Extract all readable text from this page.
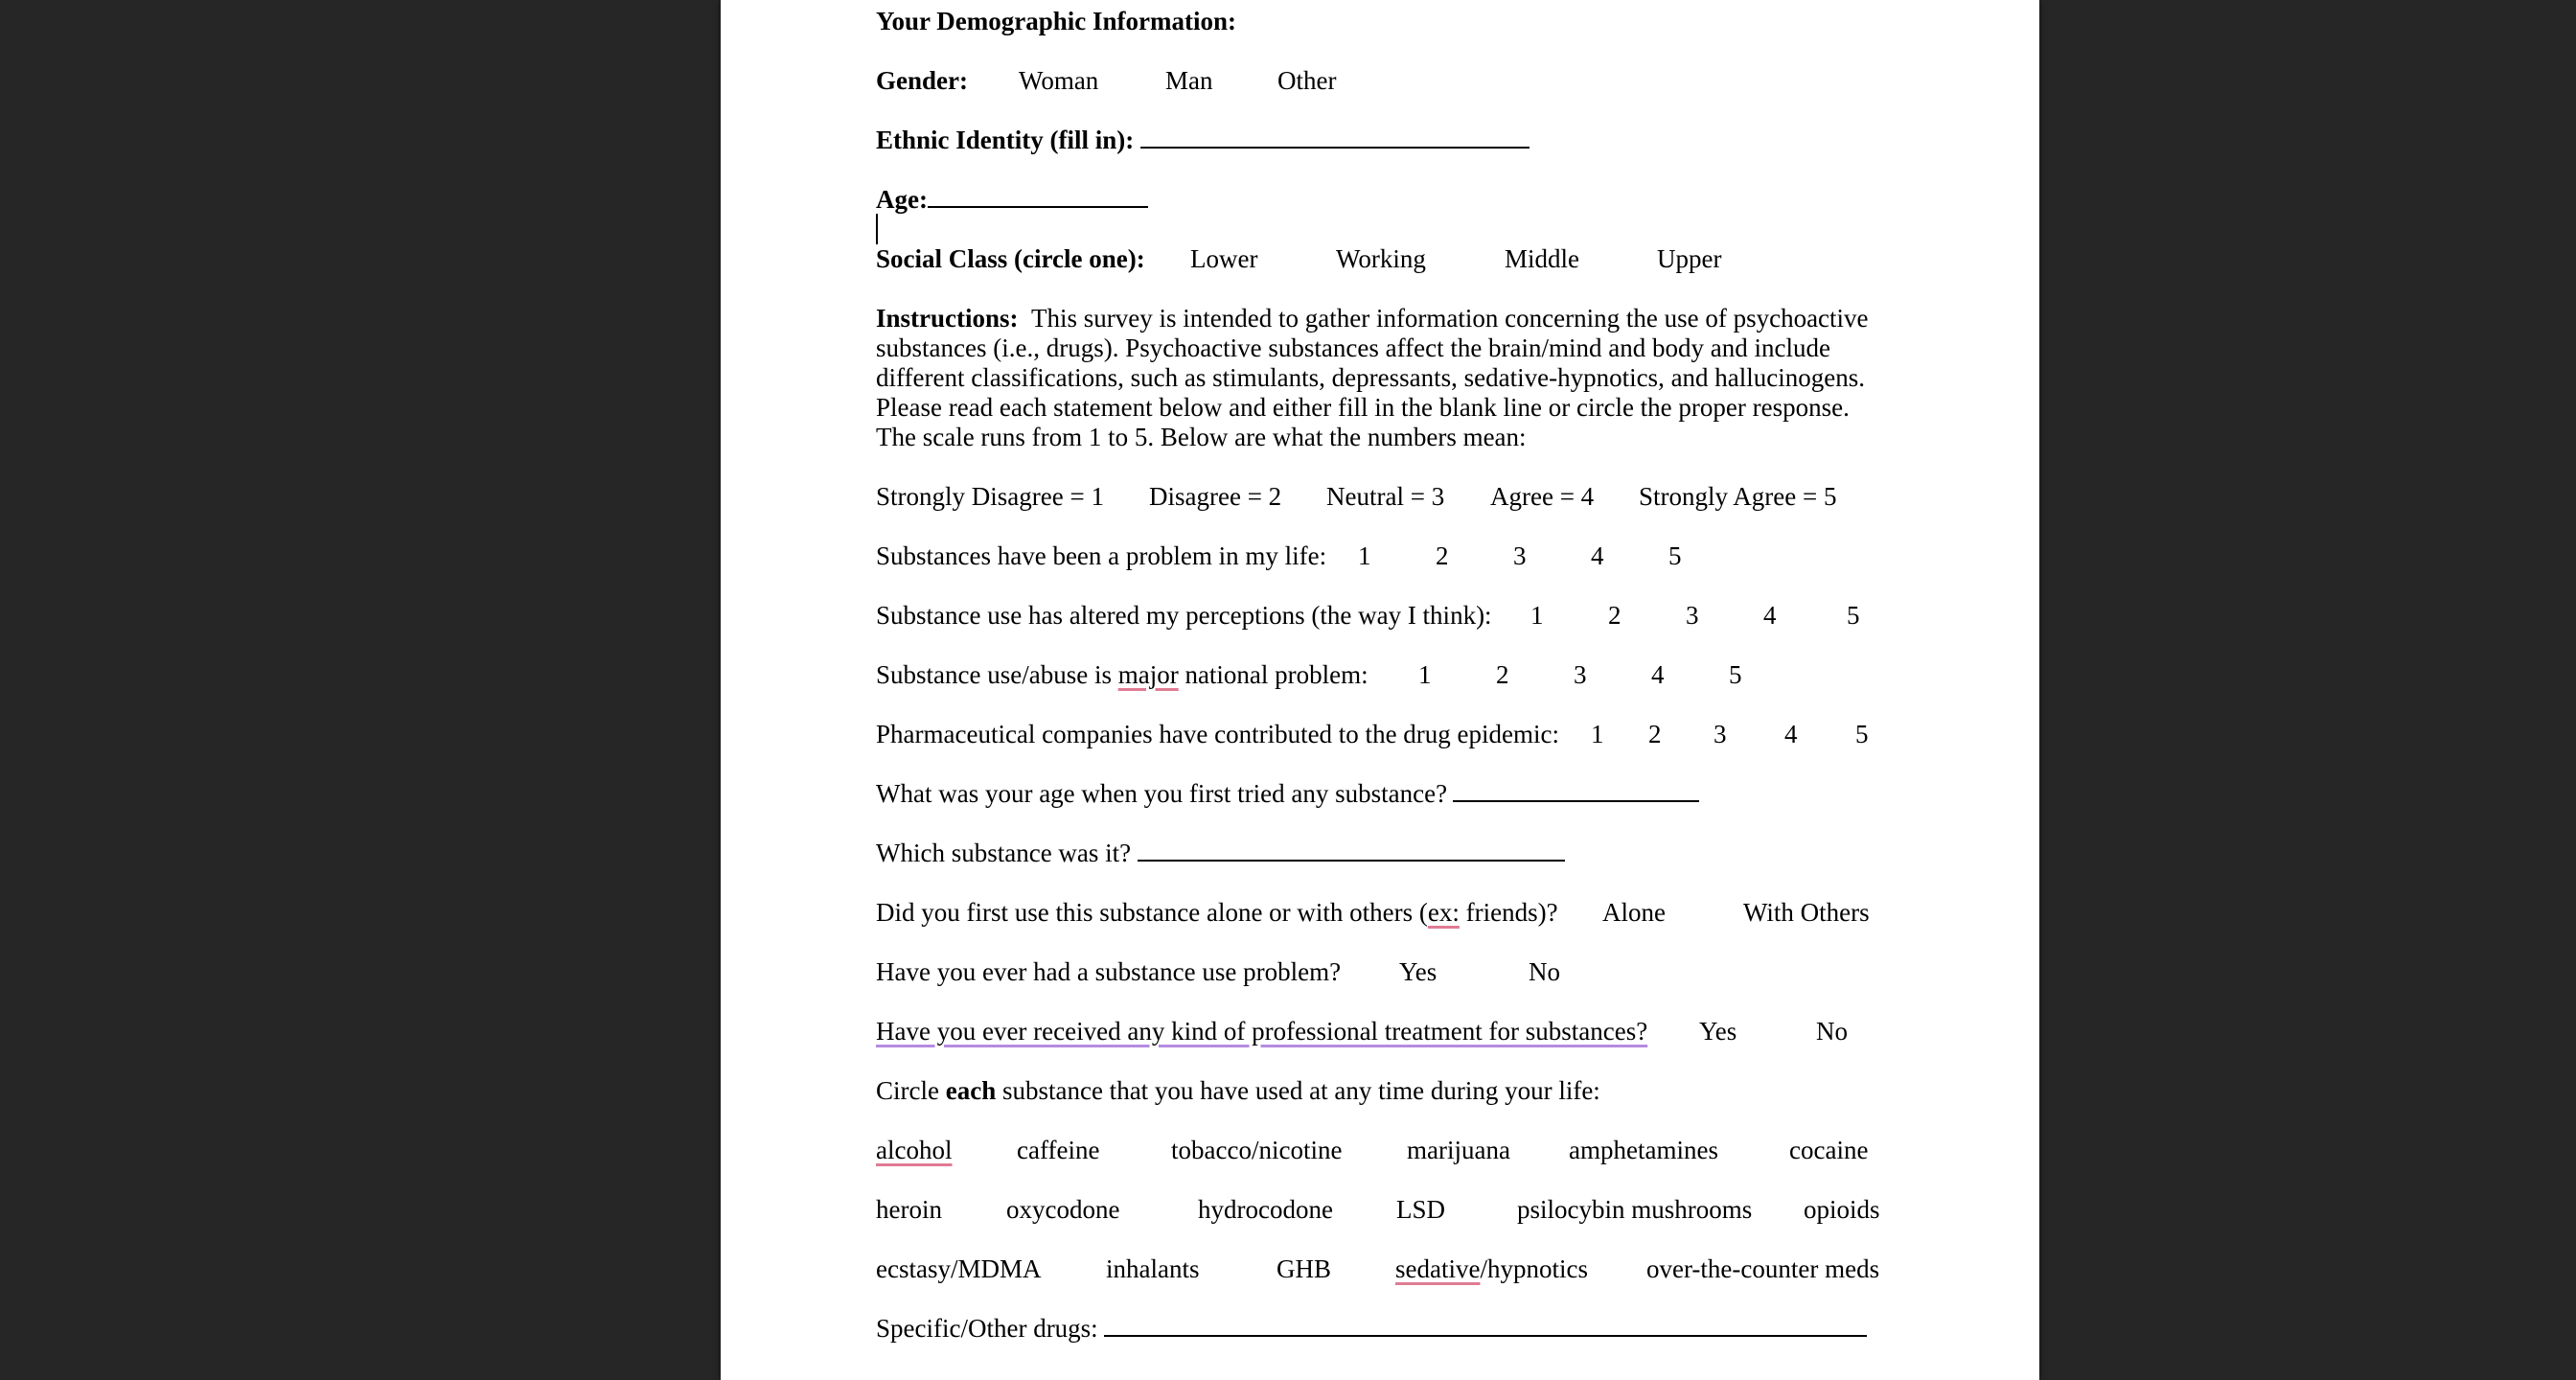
Your Demographic Information:
Gender: Woman	Man	Other
Ethnic Identity (fill in):
Age:
Social Class (circle one): Lower	Working	Middle	Upper
Instructions: This survey is intended to gather information concerning the use of psychoactive substances (i.e., drugs). Psychoactive substances affect the brain/mind and body and include different classifications, such as stimulants, depressants, sedative-hypnotics, and hallucinogens. Please read each statement below and either fill in the blank line or circle the proper response. The scale runs from 1 to 5. Below are what the numbers mean:
Strongly Disagree = 1 Disagree = 2 Neutral = 3 Agree = 4 Strongly Agree = 5
Substances have been a problem in my life: 1	2	3	4	5
Substance use has altered my perceptions (the way I think): 1	2	3	4	5
Substance use/abuse is major national problem: 1	2	3	4	5
Pharmaceutical companies have contributed to the drug epidemic: 1 2 3 4 5
What was your age when you first tried any substance?
Which substance was it?
Did you first use this substance alone or with others (ex: friends)? Alone	With Others
Have you ever had a substance use problem? Yes	No
Have you ever received any kind of professional treatment for substances? Yes	No
Circle each substance that you have used at any time during your life:
alcohol	caffeine	tobacco/nicotine	marijuana amphetamines	cocaine
heroin oxycodone	hydrocodone LSD	psilocybin mushrooms opioids
ecstasy/MDMA	inhalants	GHB sedative/hypnotics over-the-counter meds
Specific/Other drugs:
